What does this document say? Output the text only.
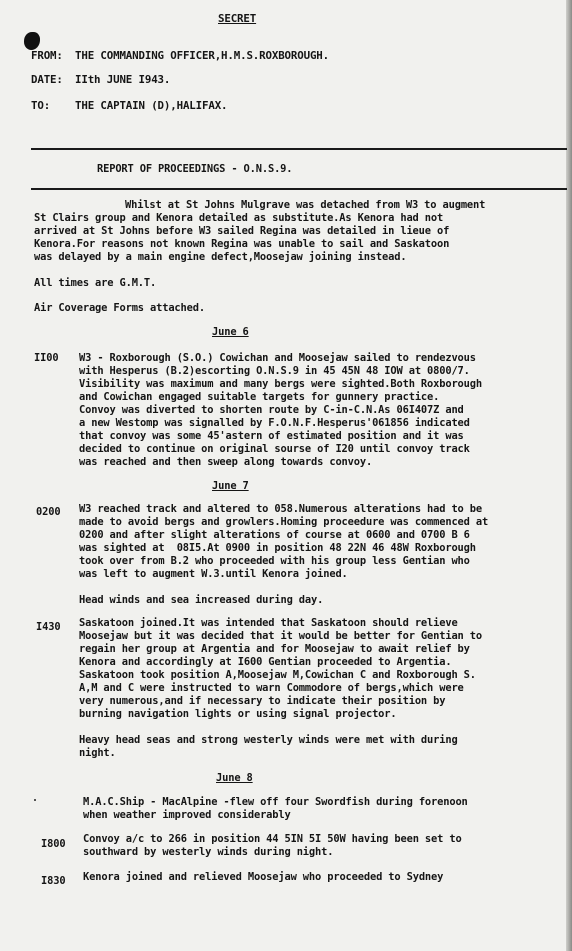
SECRET
FROM: THE COMMANDING OFFICER,H.M.S.ROXBOROUGH.
DATE: IIth JUNE I943.
TO: THE CAPTAIN (D),HALIFAX.
REPORT OF PROCEEDINGS - O.N.S.9.
Whilst at St Johns Mulgrave was detached from W3 to augment
St Clairs group and Kenora detailed as substitute.As Kenora had not
arrived at St Johns before W3 sailed Regina was detailed in lieue of
Kenora.For reasons not known Regina was unable to sail and Saskatoon
was delayed by a main engine defect,Moosejaw joining instead.
All times are G.M.T.
Air Coverage Forms attached.
June 6
II00 W3 - Roxborough (S.O.) Cowichan and Moosejaw sailed to rendezvous
with Hesperus (B.2)escorting O.N.S.9 in 45 45N 48 IOW at 0800/7.
Visibility was maximum and many bergs were sighted.Both Roxborough
and Cowichan engaged suitable targets for gunnery practice.
Convoy was diverted to shorten route by C-in-C.N.As 06I407Z and
a new Westomp was signalled by F.O.N.F.Hesperus'061856 indicated
that convoy was some 45'astern of estimated position and it was
decided to continue on original sourse of I20 until convoy track
was reached and then sweep along towards convoy.
June 7
0200 W3 reached track and altered to 058.Numerous alterations had to be
made to avoid bergs and growlers.Homing proceedure was commenced at
0200 and after slight alterations of course at 0600 and 0700 B 6
was sighted at  08I5.At 0900 in position 48 22N 46 48W Roxborough
took over from B.2 who proceeded with his group less Gentian who
was left to augment W.3.until Kenora joined.
Head winds and sea increased during day.
I430 Saskatoon joined.It was intended that Saskatoon should relieve
Moosejaw but it was decided that it would be better for Gentian to
regain her group at Argentia and for Moosejaw to await relief by
Kenora and accordingly at I600 Gentian proceeded to Argentia.
Saskatoon took position A,Moosejaw M,Cowichan C and Roxborough S.
A,M and C were instructed to warn Commodore of bergs,which were
very numerous,and if necessary to indicate their position by
burning navigation lights or using signal projector.
Heavy head seas and strong westerly winds were met with during
night.
June 8
M.A.C.Ship - MacAlpine -flew off four Swordfish during forenoon
when weather improved considerably
I800 Convoy a/c to 266 in position 44 5IN 5I 50W having been set to
southward by westerly winds during night.
I830 Kenora joined and relieved Moosejaw who proceeded to Sydney
